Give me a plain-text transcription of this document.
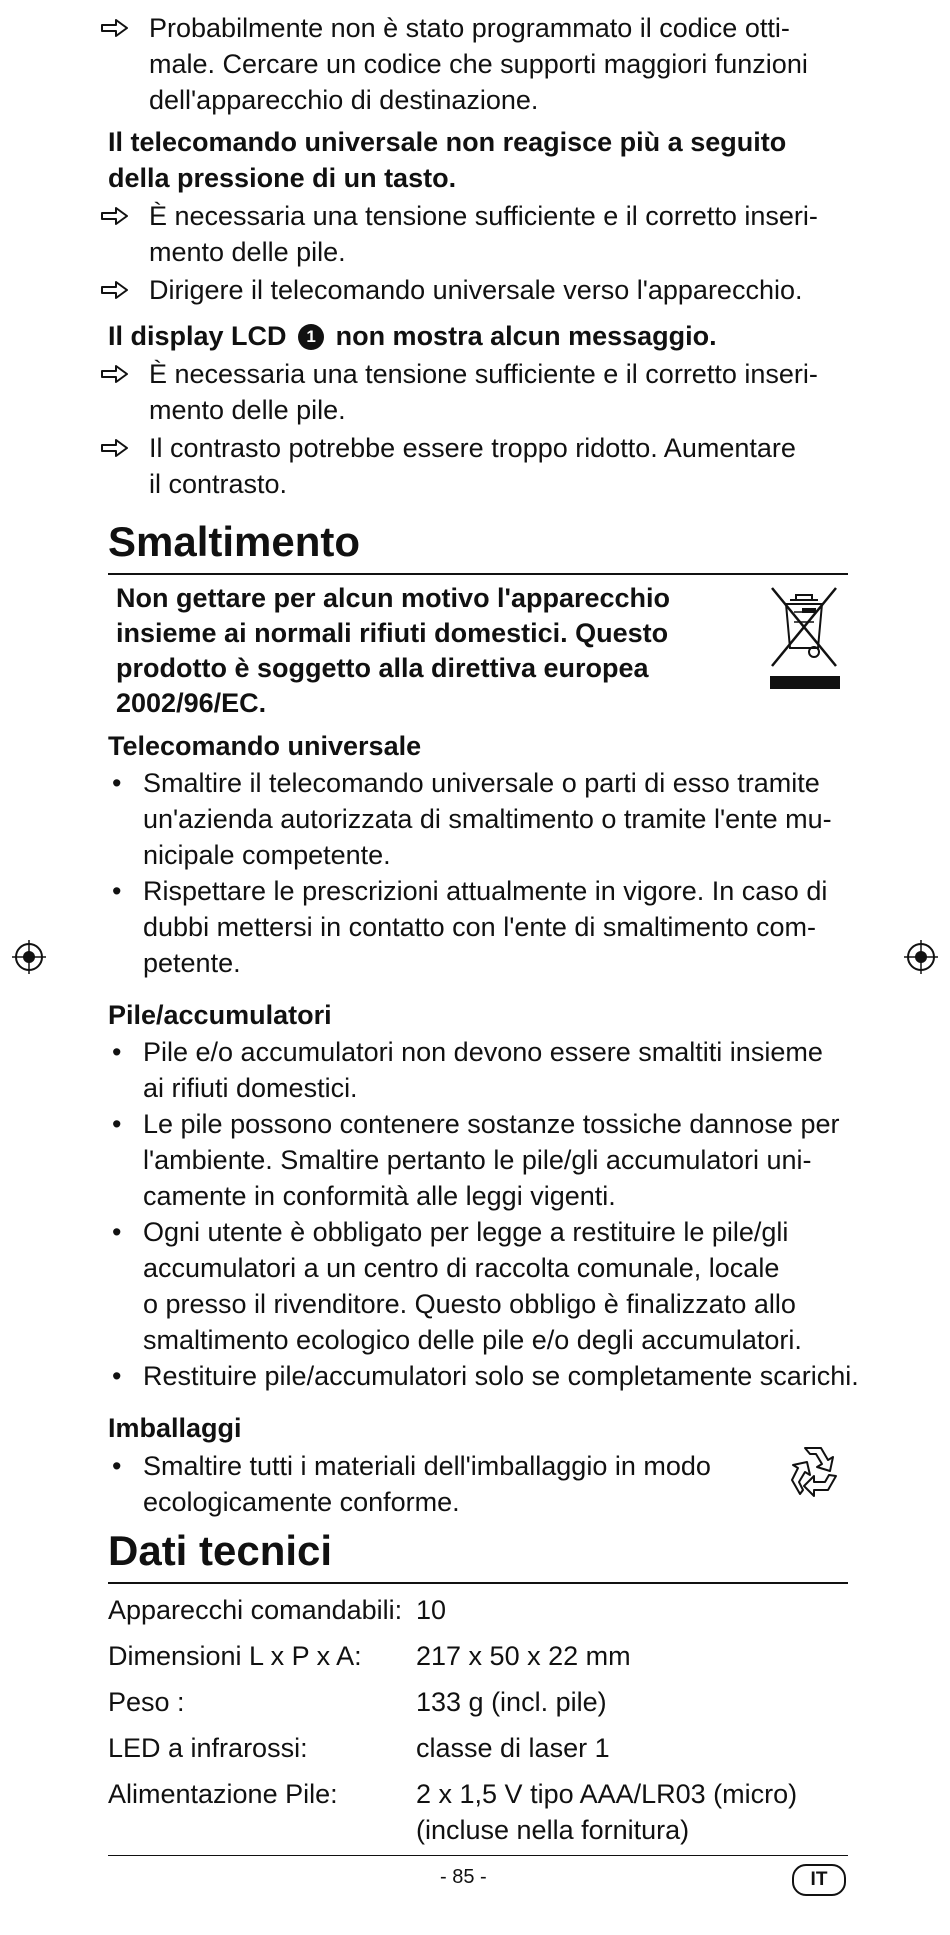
Probabilmente non è stato programmato il codice otti-
male. Cercare un codice che supporti maggiori funzioni
dell'apparecchio di destinazione.
Il telecomando universale non reagisce più a seguito
della pressione di un tasto.
È necessaria una tensione sufficiente e il corretto inseri-
mento delle pile.
Dirigere il telecomando universale verso l'apparecchio.
Il display LCD 1 non mostra alcun messaggio.
È necessaria una tensione sufficiente e il corretto inseri-
mento delle pile.
Il contrasto potrebbe essere troppo ridotto. Aumentare
il contrasto.
Smaltimento
Non gettare per alcun motivo l'apparecchio
insieme ai normali rifiuti domestici. Questo
prodotto è soggetto alla direttiva europea
2002/96/EC.
Telecomando universale
• Smaltire il telecomando universale o parti di esso tramite
un'azienda autorizzata di smaltimento o tramite l'ente mu-
nicipale competente.
• Rispettare le prescrizioni attualmente in vigore. In caso di
dubbi mettersi in contatto con l'ente di smaltimento com-
petente.
Pile/accumulatori
• Pile e/o accumulatori non devono essere smaltiti insieme
ai rifiuti domestici.
• Le pile possono contenere sostanze tossiche dannose per
l'ambiente. Smaltire pertanto le pile/gli accumulatori uni-
camente in conformità alle leggi vigenti.
• Ogni utente è obbligato per legge a restituire le pile/gli
accumulatori a un centro di raccolta comunale, locale
o presso il rivenditore. Questo obbligo è finalizzato allo
smaltimento ecologico delle pile e/o degli accumulatori.
• Restituire pile/accumulatori solo se completamente scarichi.
Imballaggi
• Smaltire tutti i materiali dell'imballaggio in modo
ecologicamente conforme.
Dati tecnici
Apparecchi comandabili: 10
Dimensioni L x P x A: 217 x 50 x 22 mm
Peso :	133 g (incl. pile)
LED a infrarossi:	classe di laser 1
Alimentazione Pile:	2 x 1,5 V tipo AAA/LR03 (micro)
(incluse nella fornitura)
- 85 -	IT
